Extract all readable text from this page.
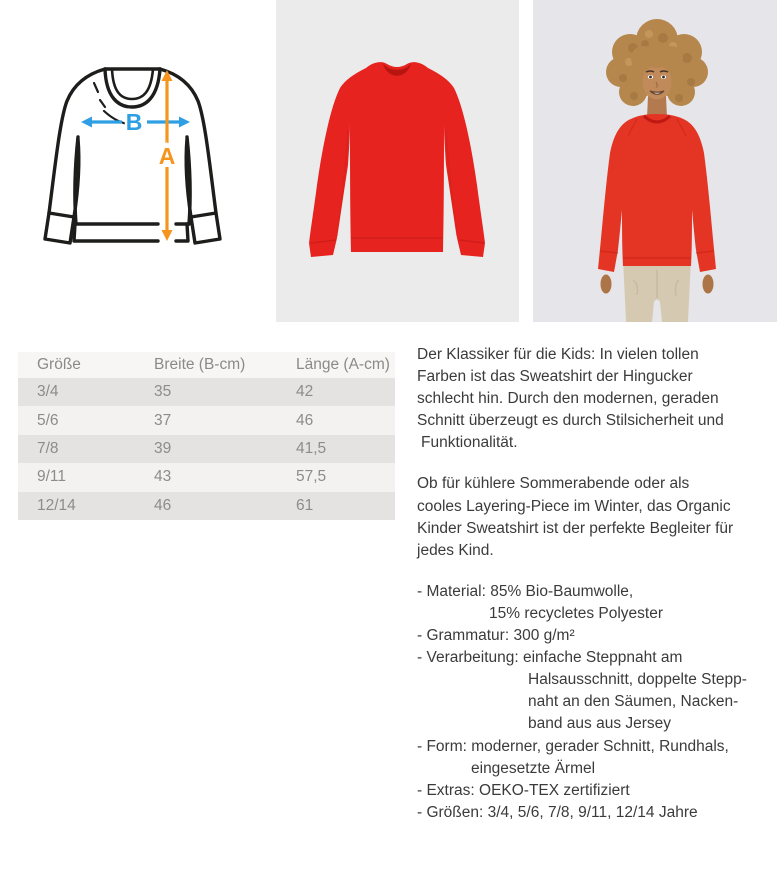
B
A
Größe	Breite (B-cm)	Länge (A-cm)
3/4	35	42
5/6	37	46
7/8	39	41,5
9/11	43	57,5
12/14	46	61
Der Klassiker für die Kids: In vielen tollen
Farben ist das Sweatshirt der Hingucker
schlecht hin. Durch den modernen, geraden
Schnitt überzeugt es durch Stilsicherheit und
Funktionalität.
Ob für kühlere Sommerabende oder als
cooles Layering-Piece im Winter, das Organic
Kinder Sweatshirt ist der perfekte Begleiter für
jedes Kind.
- Material: 85% Bio-Baumwolle,
15% recycletes Polyester
- Grammatur: 300 g/m²
- Verarbeitung: einfache Steppnaht am
Halsausschnitt, doppelte Stepp-
naht an den Säumen, Nacken-
band aus aus Jersey
- Form: moderner, gerader Schnitt, Rundhals,
eingesetzte Ärmel
- Extras: OEKO-TEX zertifiziert
- Größen: 3/4, 5/6, 7/8, 9/11, 12/14 Jahre
